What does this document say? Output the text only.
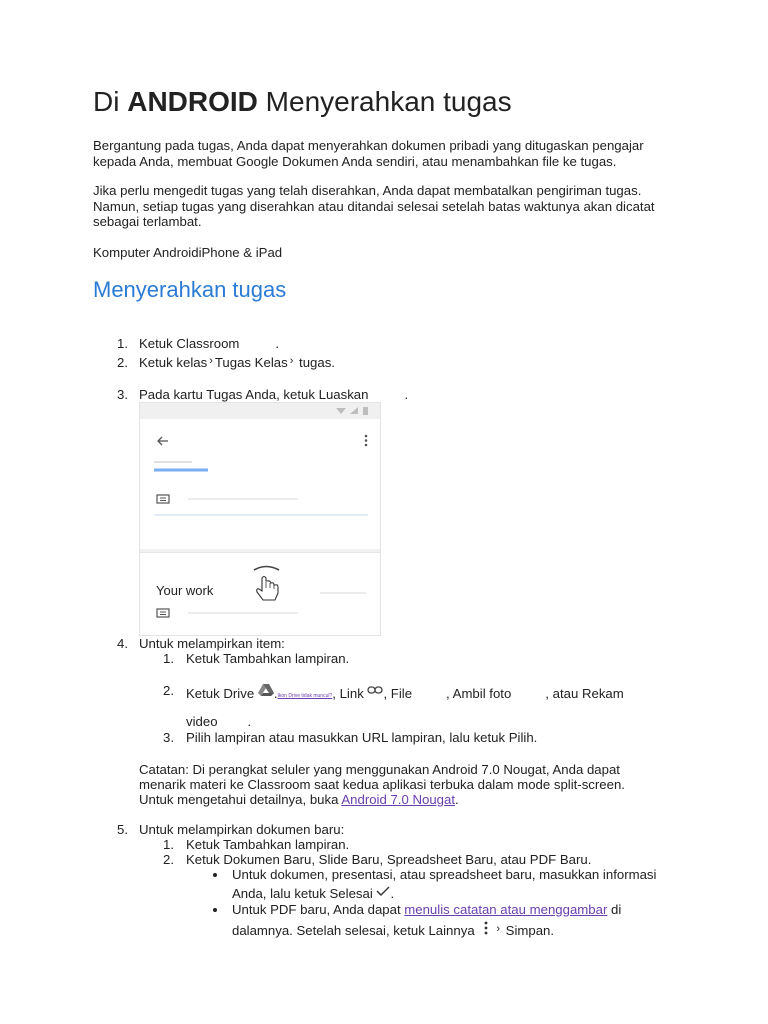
Di ANDROID Menyerahkan tugas
Bergantung pada tugas, Anda dapat menyerahkan dokumen pribadi yang ditugaskan pengajar kepada Anda, membuat Google Dokumen Anda sendiri, atau menambahkan file ke tugas.
Jika perlu mengedit tugas yang telah diserahkan, Anda dapat membatalkan pengiriman tugas. Namun, setiap tugas yang diserahkan atau ditandai selesai setelah batas waktunya akan dicatat sebagai terlambat.
Komputer AndroidiPhone & iPad
Menyerahkan tugas
1. Ketuk Classroom	.
2. Ketuk kelas › Tugas Kelas › tugas.
3. Pada kartu Tugas Anda, ketuk Luaskan	.
Your work
4. Untuk melampirkan item:
1. Ketuk Tambahkan lampiran.
2. Ketuk Drive .Ikon Drive tidak muncul?, Link , File	, Ambil foto	, atau Rekam
video .
3. Pilih lampiran atau masukkan URL lampiran, lalu ketuk Pilih.
Catatan: Di perangkat seluler yang menggunakan Android 7.0 Nougat, Anda dapat
menarik materi ke Classroom saat kedua aplikasi terbuka dalam mode split-screen.
Untuk mengetahui detailnya, buka Android 7.0 Nougat.
5. Untuk melampirkan dokumen baru:
1. Ketuk Tambahkan lampiran.
2. Ketuk Dokumen Baru, Slide Baru, Spreadsheet Baru, atau PDF Baru.
Untuk dokumen, presentasi, atau spreadsheet baru, masukkan informasi
Anda, lalu ketuk Selesai .
Untuk PDF baru, Anda dapat menulis catatan atau menggambar di
dalamnya. Setelah selesai, ketuk Lainnya › Simpan.
